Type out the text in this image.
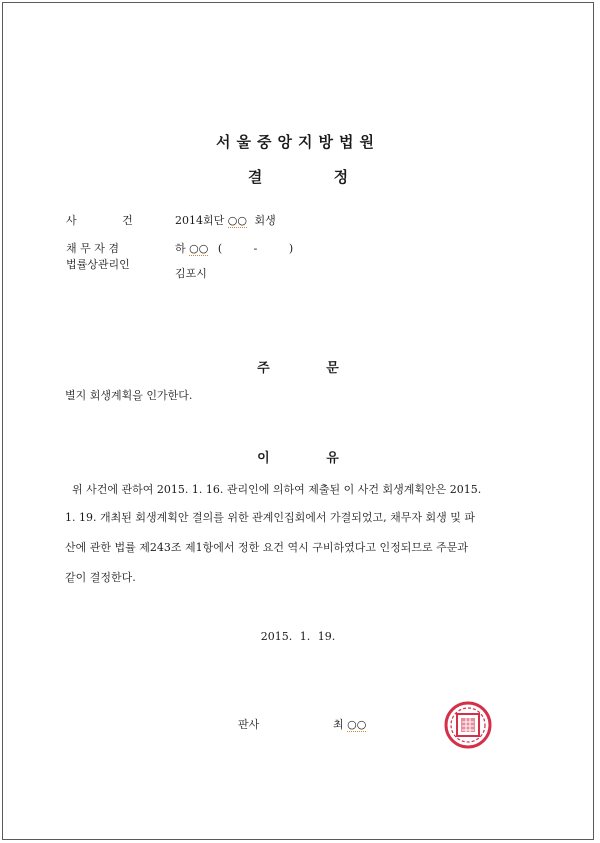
서울중앙지방법원
결 정
사 건	2014회단 ○○ 회생
채 무 자 겸	하 ○○ ( - )
법률상관리인
김포시
주 문
별지 회생계획을 인가한다.
이 유
위 사건에 관하여 2015. 1. 16. 관리인에 의하여 제출된 이 사건 회생계획안은 2015.
1. 19. 개최된 회생계획안 결의를 위한 관계인집회에서 가결되었고, 채무자 회생 및 파
산에 관한 법률 제243조 제1항에서 정한 요건 역시 구비하였다고 인정되므로 주문과
같이 결정한다.
2015. 1. 19.
판사	최 ○○
